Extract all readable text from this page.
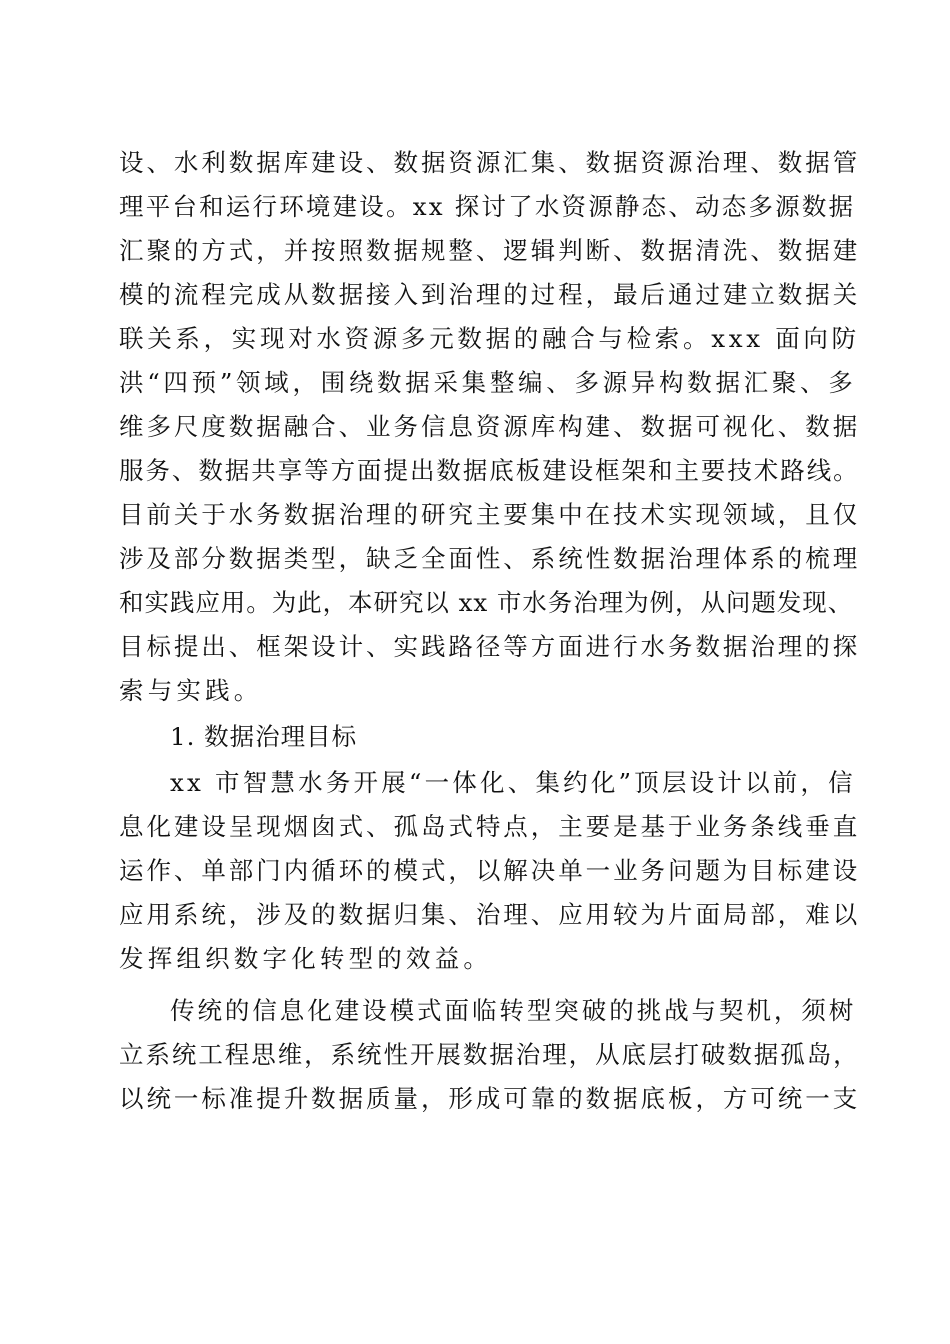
设、水利数据库建设、数据资源汇集、数据资源治理、数据管
理平台和运行环境建设。xx 探讨了水资源静态、动态多源数据
汇聚的方式，并按照数据规整、逻辑判断、数据清洗、数据建
模的流程完成从数据接入到治理的过程，最后通过建立数据关
联关系，实现对水资源多元数据的融合与检索。xxx 面向防
洪“四预”领域，围绕数据采集整编、多源异构数据汇聚、多
维多尺度数据融合、业务信息资源库构建、数据可视化、数据
服务、数据共享等方面提出数据底板建设框架和主要技术路线。
目前关于水务数据治理的研究主要集中在技术实现领域，且仅
涉及部分数据类型，缺乏全面性、系统性数据治理体系的梳理
和实践应用。为此，本研究以 xx 市水务治理为例，从问题发现、
目标提出、框架设计、实践路径等方面进行水务数据治理的探
索与实践。
1. 数据治理目标
xx 市智慧水务开展“一体化、集约化”顶层设计以前，信
息化建设呈现烟囱式、孤岛式特点，主要是基于业务条线垂直
运作、单部门内循环的模式，以解决单一业务问题为目标建设
应用系统，涉及的数据归集、治理、应用较为片面局部，难以
发挥组织数字化转型的效益。
传统的信息化建设模式面临转型突破的挑战与契机，须树
立系统工程思维，系统性开展数据治理，从底层打破数据孤岛，
以统一标准提升数据质量，形成可靠的数据底板，方可统一支
